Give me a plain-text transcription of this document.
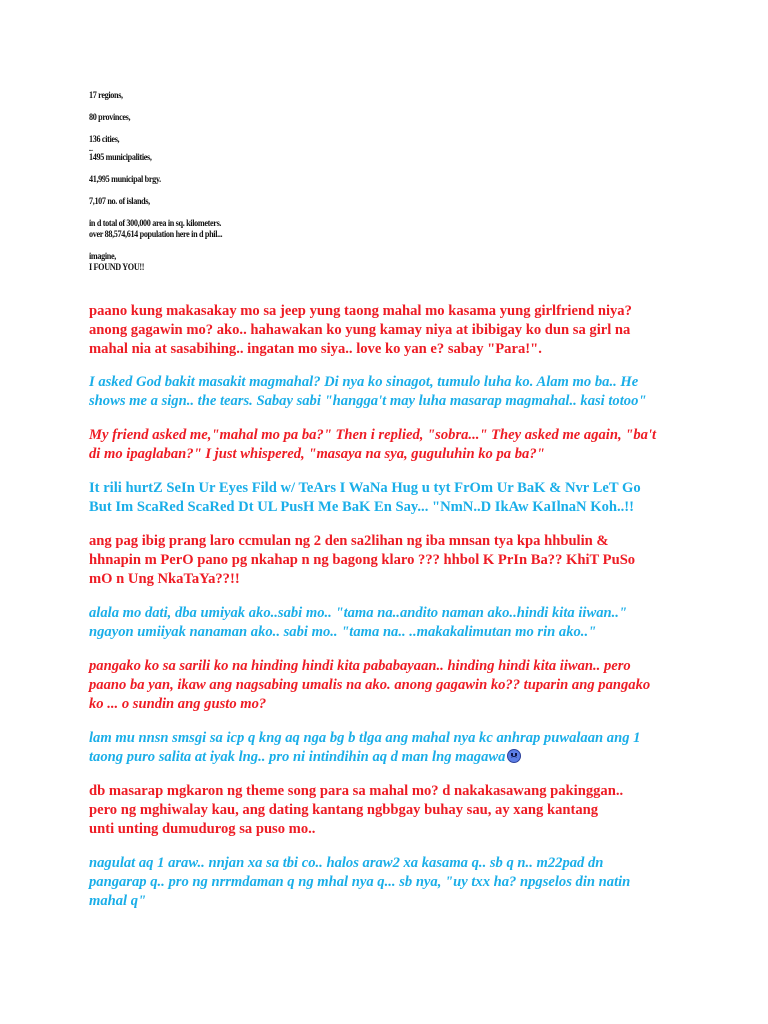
17 regions,

80 provinces,

136 cities,

...

1495 municipalities,

41,995 municipal brgy.

7,107 no. of islands,

in d total of 300,000 area in sq. kilometers.

over 88,574,614 population here in d phil...

imagine,

I FOUND YOU!!

paano kung makasakay mo sa jeep yung taong mahal mo kasama yung girlfriend niya?
anong gagawin mo? ako.. hahawakan ko yung kamay niya at ibibigay ko dun sa girl na
mahal nia at sasabihing.. ingatan mo siya.. love ko yan e? sabay "Para!".
I asked God bakit masakit magmahal? Di nya ko sinagot, tumulo luha ko. Alam mo ba.. He
shows me a sign.. the tears. Sabay sabi "hangga't may luha masarap magmahal.. kasi totoo"
My friend asked me,"mahal mo pa ba?" Then i replied, "sobra..." They asked me again, "ba't
di mo ipaglaban?" I just whispered, "masaya na sya, guguluhin ko pa ba?"
It rili hurtZ SeIn Ur Eyes Fild w/ TeArs I WaNa Hug u tyt FrOm Ur BaK & Nvr LeT Go
But Im ScaRed ScaRed Dt UL PusH Me BaK En Say... "NmN..D IkAw KaIlnaN Koh..!!
ang pag ibig prang laro ccmulan ng 2 den sa2lihan ng iba mnsan tya kpa hhbulin &
hhnapin m PerO pano pg nkahap n ng bagong klaro ??? hhbol K PrIn Ba?? KhiT PuSo
mO n Ung NkaTaYa??!!
alala mo dati, dba umiyak ako..sabi mo.. "tama na..andito naman ako..hindi kita iiwan.."
ngayon umiiyak nanaman ako.. sabi mo.. "tama na.. ..makakalimutan mo rin ako.."
pangako ko sa sarili ko na hinding hindi kita pababayaan.. hinding hindi kita iiwan.. pero
paano ba yan, ikaw ang nagsabing umalis na ako. anong gagawin ko?? tuparin ang pangako
ko ... o sundin ang gusto mo?
lam mu nnsn smsgi sa icp q kng aq nga bg b tlga ang mahal nya kc anhrap puwalaan ang 1
taong puro salita at iyak lng.. pro ni intindihin aq d man lng magawa
db masarap mgkaron ng theme song para sa mahal mo? d nakakasawang pakinggan..
pero ng mghiwalay kau, ang dating kantang ngbbgay buhay sau, ay xang kantang
unti unting dumudurog sa puso mo..
nagulat aq 1 araw.. nnjan xa sa tbi co.. halos araw2 xa kasama q.. sb q n.. m22pad dn
pangarap q.. pro ng nrrmdaman q ng mhal nya q... sb nya, "uy txx ha? npgselos din natin
mahal q"
